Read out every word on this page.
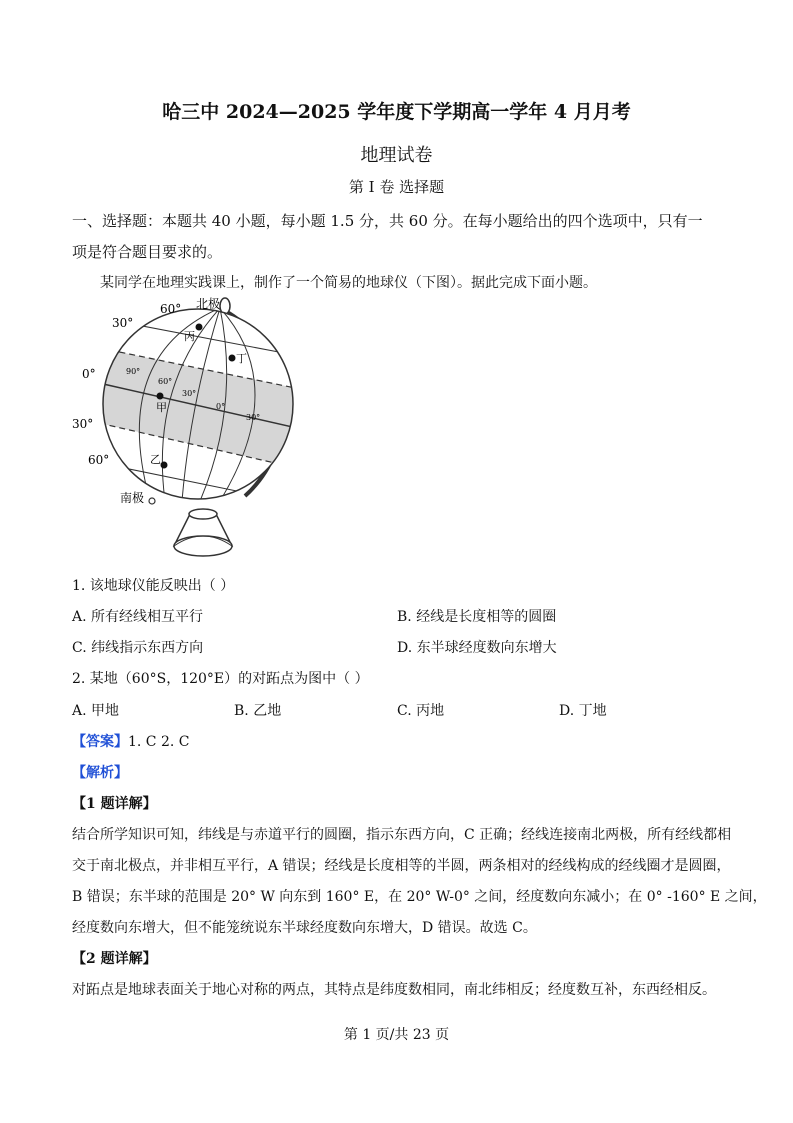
哈三中 2024—2025 学年度下学期高一学年 4 月月考
地理试卷
第 I 卷 选择题
一、选择题：本题共 40 小题，每小题 1.5 分，共 60 分。在每小题给出的四个选项中，只有一
项是符合题目要求的。
某同学在地理实践课上，制作了一个简易的地球仪（下图）。据此完成下面小题。
60°
30°
0°
30°
60°
北极
南极
90°
60°
30°
0°
30°
丙
丁
甲
乙
1. 该地球仪能反映出（ ）
A. 所有经线相互平行	B. 经线是长度相等的圆圈
C. 纬线指示东西方向	D. 东半球经度数向东增大
2. 某地（60°S，120°E）的对跖点为图中（ ）
A. 甲地	B. 乙地	C. 丙地	D. 丁地
【答案】1. C 2. C
【解析】
【1 题详解】
结合所学知识可知，纬线是与赤道平行的圆圈，指示东西方向，C 正确；经线连接南北两极，所有经线都相
交于南北极点，并非相互平行，A 错误；经线是长度相等的半圆，两条相对的经线构成的经线圈才是圆圈，
B 错误；东半球的范围是 20° W 向东到 160° E，在 20° W-0° 之间，经度数向东减小；在 0° -160° E 之间，
经度数向东增大，但不能笼统说东半球经度数向东增大，D 错误。故选 C。
【2 题详解】
对跖点是地球表面关于地心对称的两点，其特点是纬度数相同，南北纬相反；经度数互补，东西经相反。
第 1 页/共 23 页
